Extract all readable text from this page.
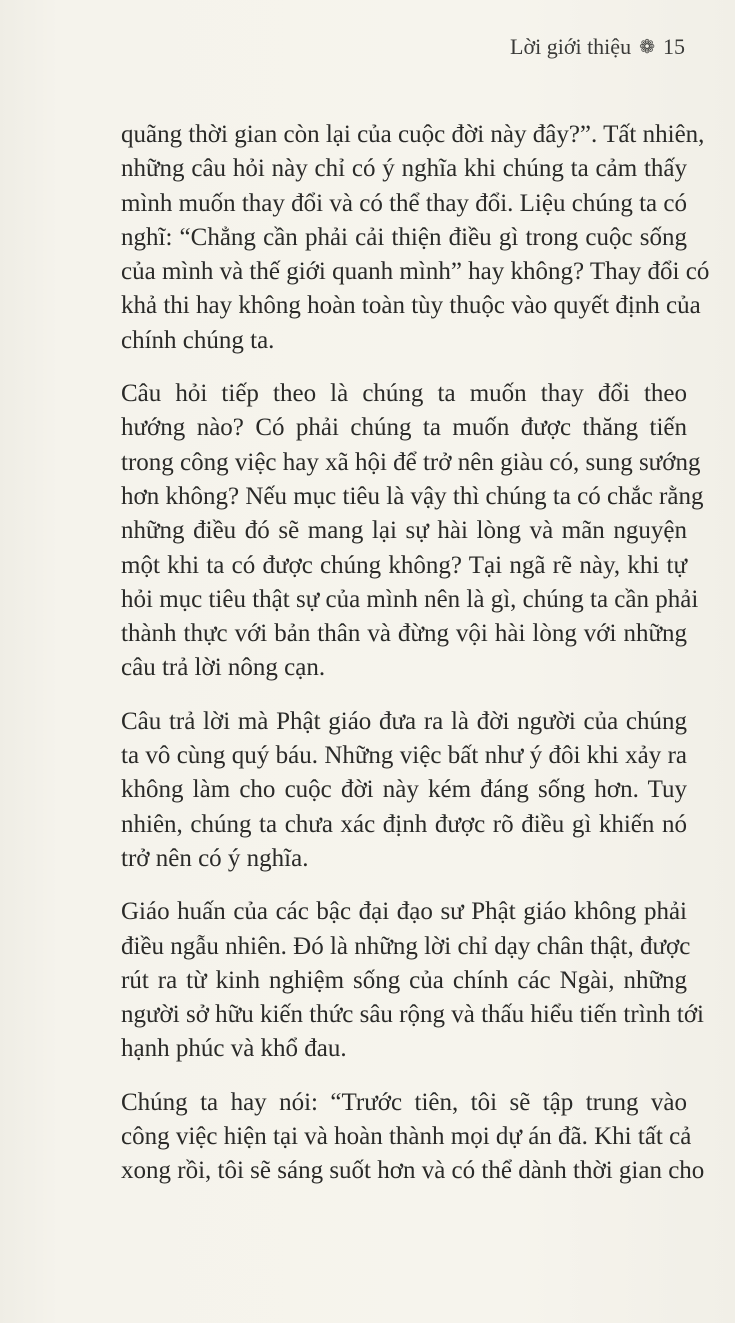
Lời giới thiệu ❁ 15

quãng thời gian còn lại của cuộc đời này đây?”. Tất nhiên,
những câu hỏi này chỉ có ý nghĩa khi chúng ta cảm thấy
mình muốn thay đổi và có thể thay đổi. Liệu chúng ta có
nghĩ: “Chẳng cần phải cải thiện điều gì trong cuộc sống
của mình và thế giới quanh mình” hay không? Thay đổi có
khả thi hay không hoàn toàn tùy thuộc vào quyết định của
chính chúng ta.

Câu hỏi tiếp theo là chúng ta muốn thay đổi theo
hướng nào? Có phải chúng ta muốn được thăng tiến
trong công việc hay xã hội để trở nên giàu có, sung sướng
hơn không? Nếu mục tiêu là vậy thì chúng ta có chắc rằng
những điều đó sẽ mang lại sự hài lòng và mãn nguyện
một khi ta có được chúng không? Tại ngã rẽ này, khi tự
hỏi mục tiêu thật sự của mình nên là gì, chúng ta cần phải
thành thực với bản thân và đừng vội hài lòng với những
câu trả lời nông cạn.

Câu trả lời mà Phật giáo đưa ra là đời người của chúng
ta vô cùng quý báu. Những việc bất như ý đôi khi xảy ra
không làm cho cuộc đời này kém đáng sống hơn. Tuy
nhiên, chúng ta chưa xác định được rõ điều gì khiến nó
trở nên có ý nghĩa.

Giáo huấn của các bậc đại đạo sư Phật giáo không phải
điều ngẫu nhiên. Đó là những lời chỉ dạy chân thật, được
rút ra từ kinh nghiệm sống của chính các Ngài, những
người sở hữu kiến thức sâu rộng và thấu hiểu tiến trình tới
hạnh phúc và khổ đau.

Chúng ta hay nói: “Trước tiên, tôi sẽ tập trung vào
công việc hiện tại và hoàn thành mọi dự án đã. Khi tất cả
xong rồi, tôi sẽ sáng suốt hơn và có thể dành thời gian cho
